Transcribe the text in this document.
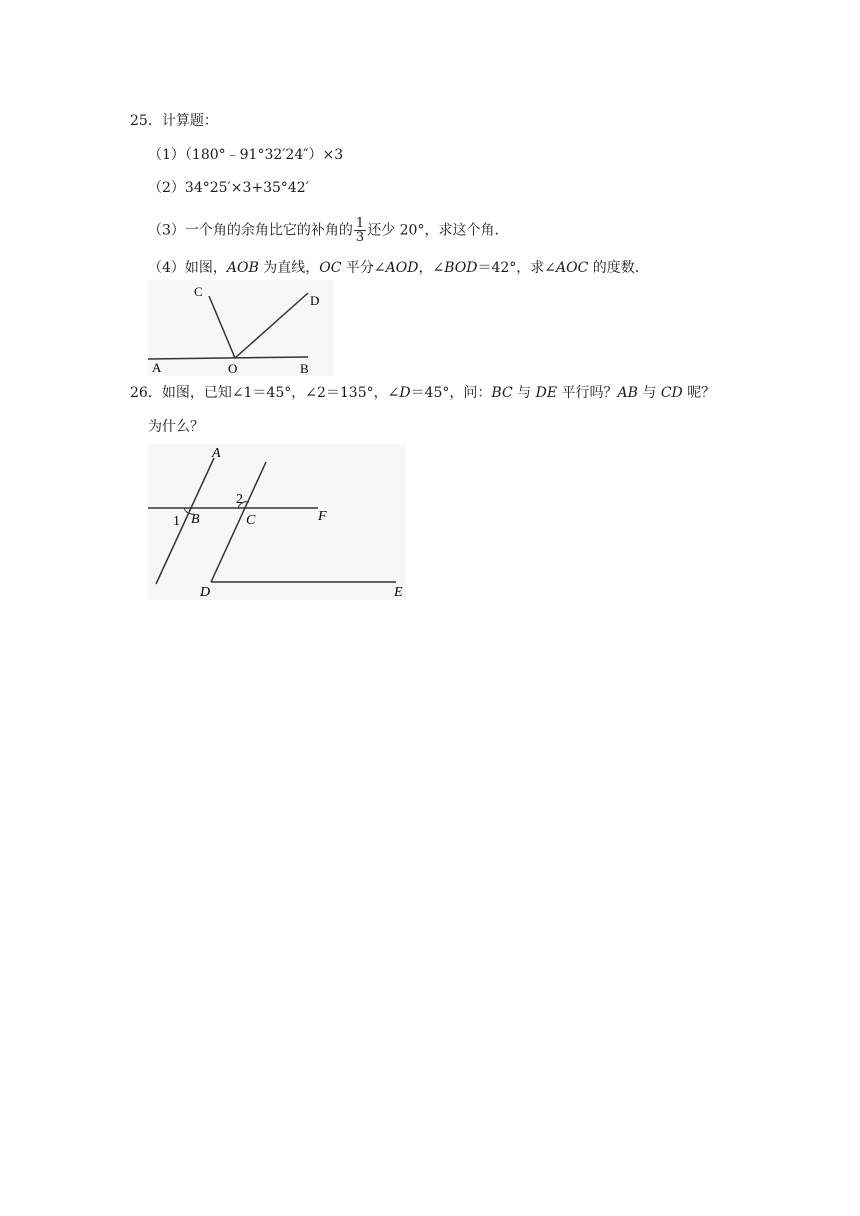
25．计算题：
（1）（180°﹣91°32′24″）×3
（2）34°25′×3+35°42′
（3）一个角的余角比它的补角的 $\frac{1}{3}$ 还少 20°，求这个角．
（4）如图，AOB 为直线，OC 平分∠AOD，∠BOD＝42°，求∠AOC 的度数．
A	O	B
C
D
26．如图，已知∠1＝45°，∠2＝135°，∠D＝45°，问：BC 与 DE 平行吗？AB 与 CD 呢？
为什么？
A
1 B
2
C	F
D	E
